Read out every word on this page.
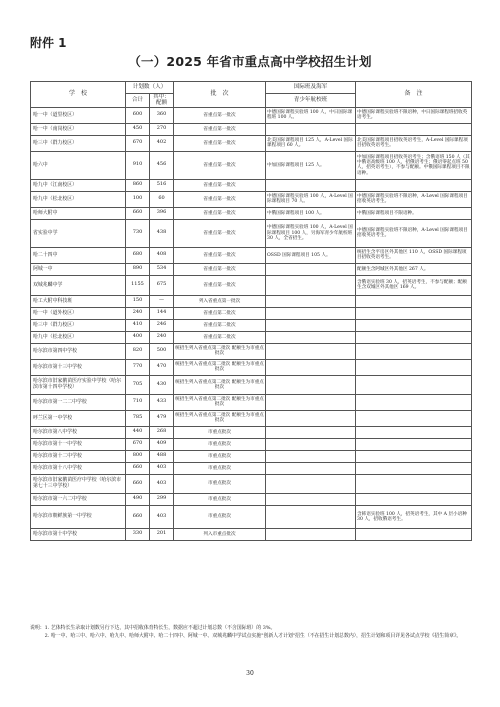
附件 1
（一）2025 年省市重点高中学校招生计划
学　校	计划数（人）		批　次	国际班及海军	备　注
	合计	其中：配额		青少年航校班	
哈一中（道里校区）	600	360	省重点第一批次	中德国际课程实验班 100 人，中日国际课程班 100 人。	中德国际课程实验班不限语种，中日国际课程班招收英语考生。
哈一中（南岗校区）	450	270	省重点第一批次		
哈三中（群力校区）	670	402	省重点第一批次	北美国际课程项目 125 人，A-Level 国际课程项目 60 人。	北美国际课程项目招收英语考生，A-Level 国际课程项目招收英语考生。
哈六中	910	456	省重点第一批次	中加国际课程项目 125 人。	中加国际课程项目招收英语考生；含俄语班 150 人（其中俄语高级班 100 人，招俄语考生；俄语零起点班 50 人，招英语考生），不参与配额。中俄国际课程项目不限语种。
哈九中（江南校区）	860	516	省重点第一批次		
哈九中（松北校区）	100	60	省重点第一批次	中德国际课程实验班 100 人，A-Level 国际课程项目 70 人。	中德国际课程实验班不限语种，A-Level 国际课程项目招收英语考生。
哈师大附中	660	396	省重点第一批次	中俄国际课程项目 100 人。	中俄国际课程项目不限语种。
省实验中学	730	438	省重点第一批次	中德国际课程实验班 100 人，A-Level 国际课程项目 100 人，另海军青少年航校班 30 人，全省招生。	中德国际课程实验班不限语种，A-Level 国际课程项目招收英语考生。
哈二十四中	680	408	省重点第一批次	OSSD 国际课程项目 105 人。	统招生含平房区外其他区 110 人，OSSD 国际课程项目招收英语考生。
阿城一中	890	534	省重点第一批次		配额生含阿城区外其他区 267 人。
双城兆麟中学	1155	675	省重点第一批次		含俄语实验班 30 人，招英语考生，不参与配额；配额生含双城区外其他区 169 人。
哈工大附中科技班	150	—	列入省重点第一批次		
哈一中（道外校区）	240	144	省重点第二批次		
哈三中（群力校区）	410	246	省重点第二批次		
哈九中（松北校区）	400	240	省重点第二批次		
哈尔滨市第四中学校	820	500	统招生列入省重点第二批次 配额生为市重点批次		
哈尔滨市第十三中学校	770	470	统招生列入省重点第二批次 配额生为市重点批次		
哈尔滨市旧家鹅苗医疗实验中学校（哈尔滨市第十四中学校）	705	430	统招生列入省重点第二批次 配额生为市重点批次		
哈尔滨市第一二二中学校	710	433	统招生列入省重点第二批次 配额生为市重点批次		
呼兰区第一中学校	785	479	统招生列入省重点第二批次 配额生为市重点批次		
哈尔滨市第八中学校	440	268	市重点批次		
哈尔滨市第十一中学校	670	409	市重点批次		
哈尔滨市第十二中学校	800	488	市重点批次		
哈尔滨市第十八中学校	660	403	市重点批次		
哈尔滨市旧家鹅苗医疗中学校（哈尔滨市第七十三中学校）	660	403	市重点批次		
哈尔滨市第一六二中学校	490	299	市重点批次		
哈尔滨市朝鲜族第一中学校	660	403	市重点批次		含韩语实验班 100 人，招英语考生，其中 A 层小语种 30 人，招收俄语考生。
哈尔滨市第十中学校	330	201	列入市重点批次		
说明：1. 艺体特长生录取计划数另行下达，其中招收体育特长生，数据应不超过计划总数（不含国际班）的 3%。
　　　2. 哈一中、哈三中、哈六中、哈九中、哈师大附中、哈二十四中、阿城一中、双城兆麟中学试点实施"创新人才计划"招生（不在招生计划总数内），招生计划和项目详见各试点学校《招生简章》。
30
